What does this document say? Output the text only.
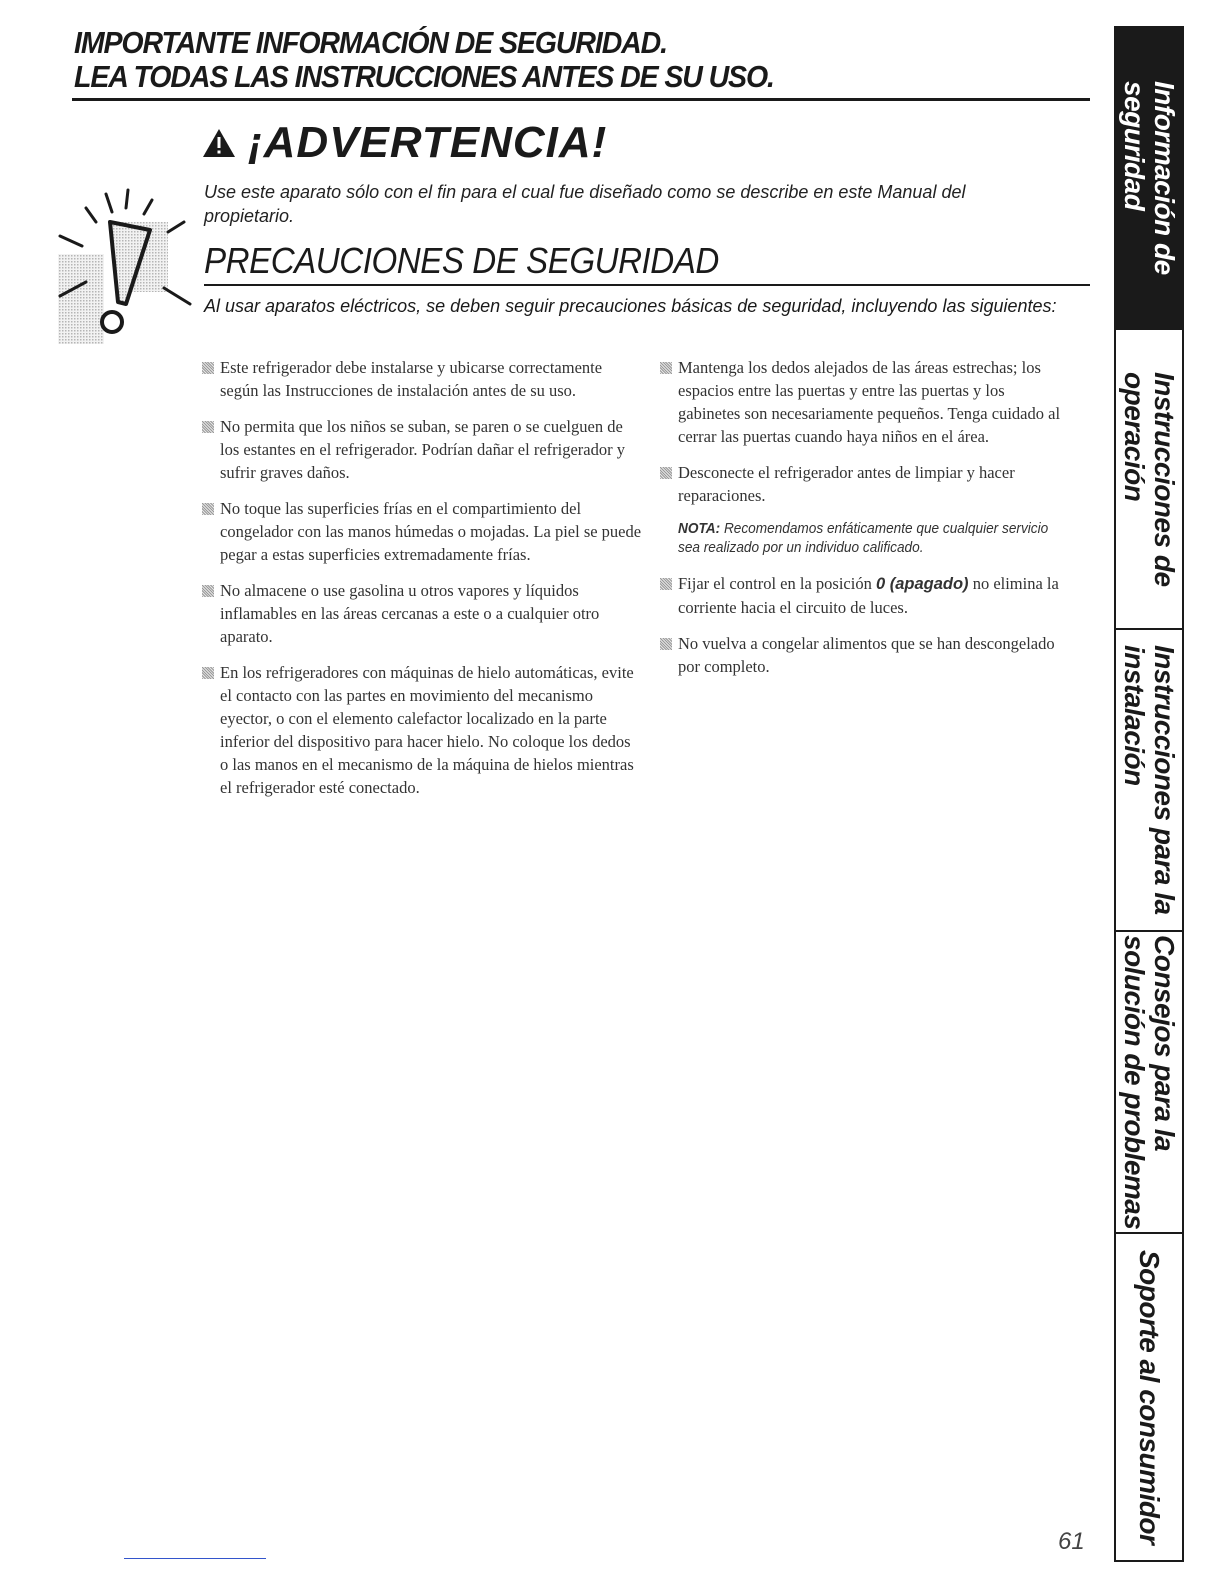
IMPORTANTE INFORMACIÓN DE SEGURIDAD.

LEA TODAS LAS INSTRUCCIONES ANTES DE SU USO.

¡ADVERTENCIA!
Use este aparato sólo con el fin para el cual fue diseñado como se describe en este Manual del propietario.
PRECAUCIONES DE SEGURIDAD
Al usar aparatos eléctricos, se deben seguir precauciones básicas de seguridad, incluyendo las siguientes:
Este refrigerador debe instalarse y ubicarse correctamente según las Instrucciones de instalación antes de su uso.
No permita que los niños se suban, se paren o se cuelguen de los estantes en el refrigerador. Podrían dañar el refrigerador y sufrir graves daños.
No toque las superficies frías en el compartimiento del congelador con las manos húmedas o mojadas. La piel se puede pegar a estas superficies extremadamente frías.
No almacene o use gasolina u otros vapores y líquidos inflamables en las áreas cercanas a este o a cualquier otro aparato.
En los refrigeradores con máquinas de hielo automáticas, evite el contacto con las partes en movimiento del mecanismo eyector, o con el elemento calefactor localizado en la parte inferior del dispositivo para hacer hielo. No coloque los dedos o las manos en el mecanismo de la máquina de hielos mientras el refrigerador esté conectado.
Mantenga los dedos alejados de las áreas estrechas; los espacios entre las puertas y entre las puertas y los gabinetes son necesariamente pequeños. Tenga cuidado al cerrar las puertas cuando haya niños en el área.
Desconecte el refrigerador antes de limpiar y hacer reparaciones.
NOTA: Recomendamos enfáticamente que cualquier servicio sea realizado por un individuo calificado.
Fijar el control en la posición 0 (apagado) no elimina la corriente hacia el circuito de luces.
No vuelva a congelar alimentos que se han descongelado por completo.
61
Información de
seguridad
Instrucciones de
operación
Instrucciones para la
instalación
Consejos para la
solución de problemas
Soporte al consumidor
